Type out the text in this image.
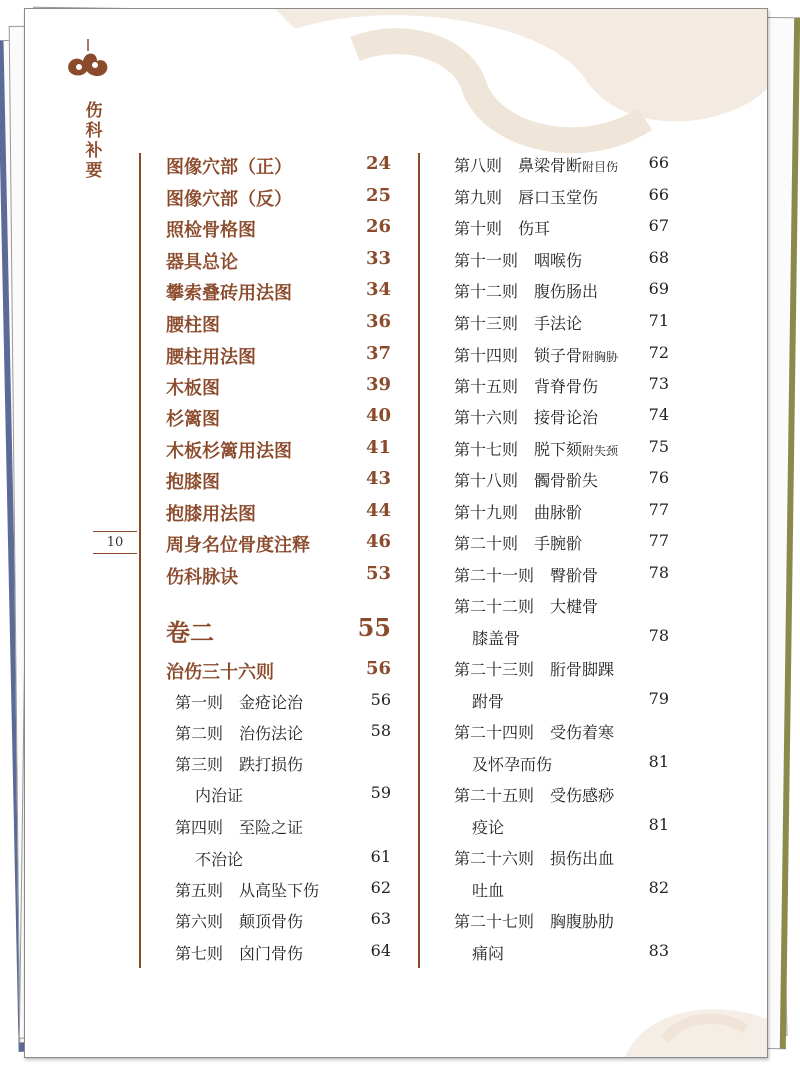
伤科补要
10
图像穴部（正）	24
图像穴部（反）	25
照检骨格图	26
器具总论	33
攀索叠砖用法图	34
腰柱图	36
腰柱用法图	37
木板图	39
杉篱图	40
木板杉篱用法图	41
抱膝图	43
抱膝用法图	44
周身名位骨度注释	46
伤科脉诀	53
卷二	55
治伤三十六则	56
第一则　金疮论治	56
第二则　治伤法论	58
第三则　跌打损伤
内治证	59
第四则　至险之证
不治论	61
第五则　从高坠下伤	62
第六则　颠顶骨伤	63
第七则　囟门骨伤	64
第八则　鼻梁骨断附目伤	66
第九则　唇口玉堂伤	66
第十则　伤耳	67
第十一则　咽喉伤	68
第十二则　腹伤肠出	69
第十三则　手法论	71
第十四则　锁子骨附胸胁	72
第十五则　背脊骨伤	73
第十六则　接骨论治	74
第十七则　脱下颏附失颈	75
第十八则　髑骨骱失	76
第十九则　曲脉骱	77
第二十则　手腕骱	77
第二十一则　臀骱骨	78
第二十二则　大楗骨
膝盖骨	78
第二十三则　胻骨脚踝
跗骨	79
第二十四则　受伤着寒
及怀孕而伤	81
第二十五则　受伤感痧
疫论	81
第二十六则　损伤出血
吐血	82
第二十七则　胸腹胁肋
痛闷	83
